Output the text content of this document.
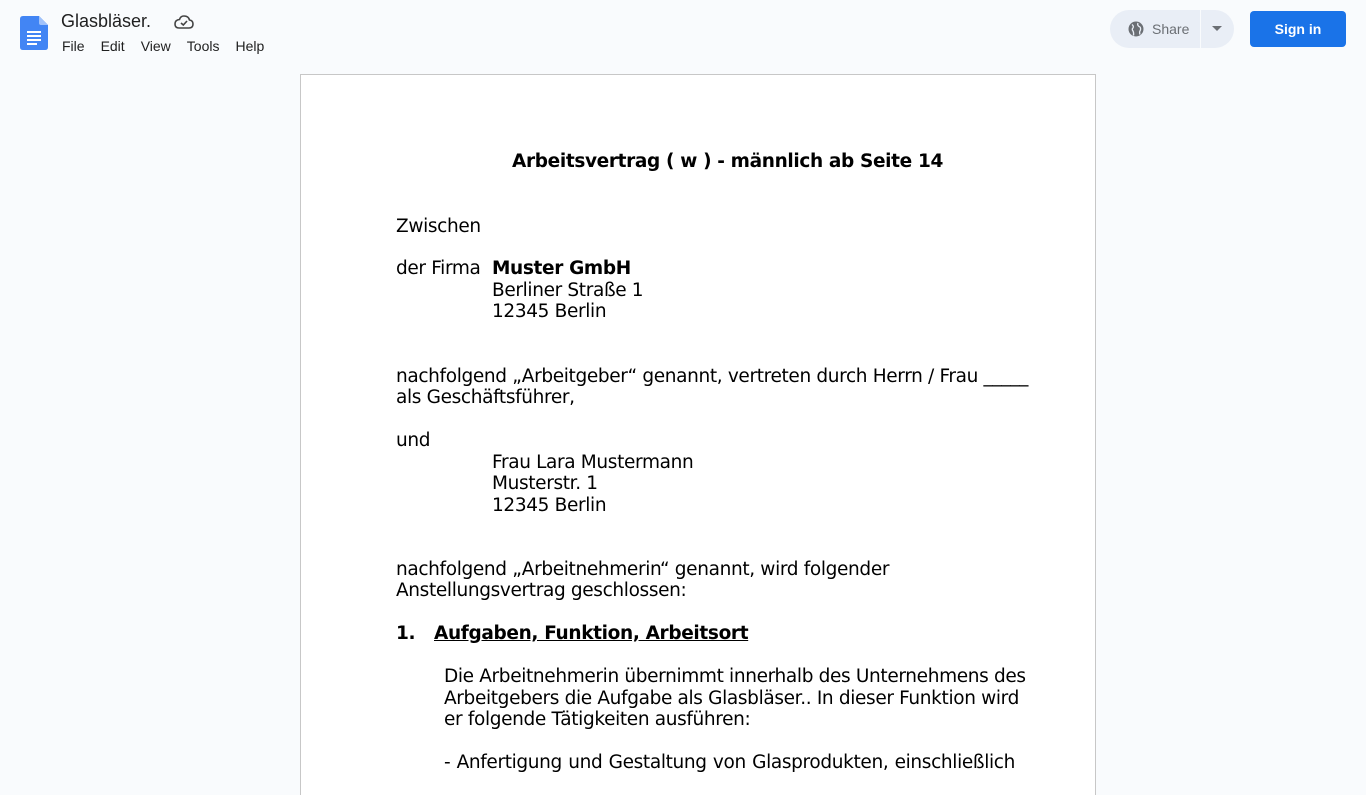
Glasbläser.
File Edit View Tools Help
Share	Sign in
Arbeitsvertrag ( w ) - männlich ab Seite 14
Zwischen
der Firma Muster GmbH
Berliner Straße 1
12345 Berlin
nachfolgend „Arbeitgeber“ genannt, vertreten durch Herrn / Frau _____
als Geschäftsführer,
und
Frau Lara Mustermann
Musterstr. 1
12345 Berlin
nachfolgend „Arbeitnehmerin“ genannt, wird folgender
Anstellungsvertrag geschlossen:
1. Aufgaben, Funktion, Arbeitsort
Die Arbeitnehmerin übernimmt innerhalb des Unternehmens des
Arbeitgebers die Aufgabe als Glasbläser.. In dieser Funktion wird
er folgende Tätigkeiten ausführen:
- Anfertigung und Gestaltung von Glasprodukten, einschließlich
